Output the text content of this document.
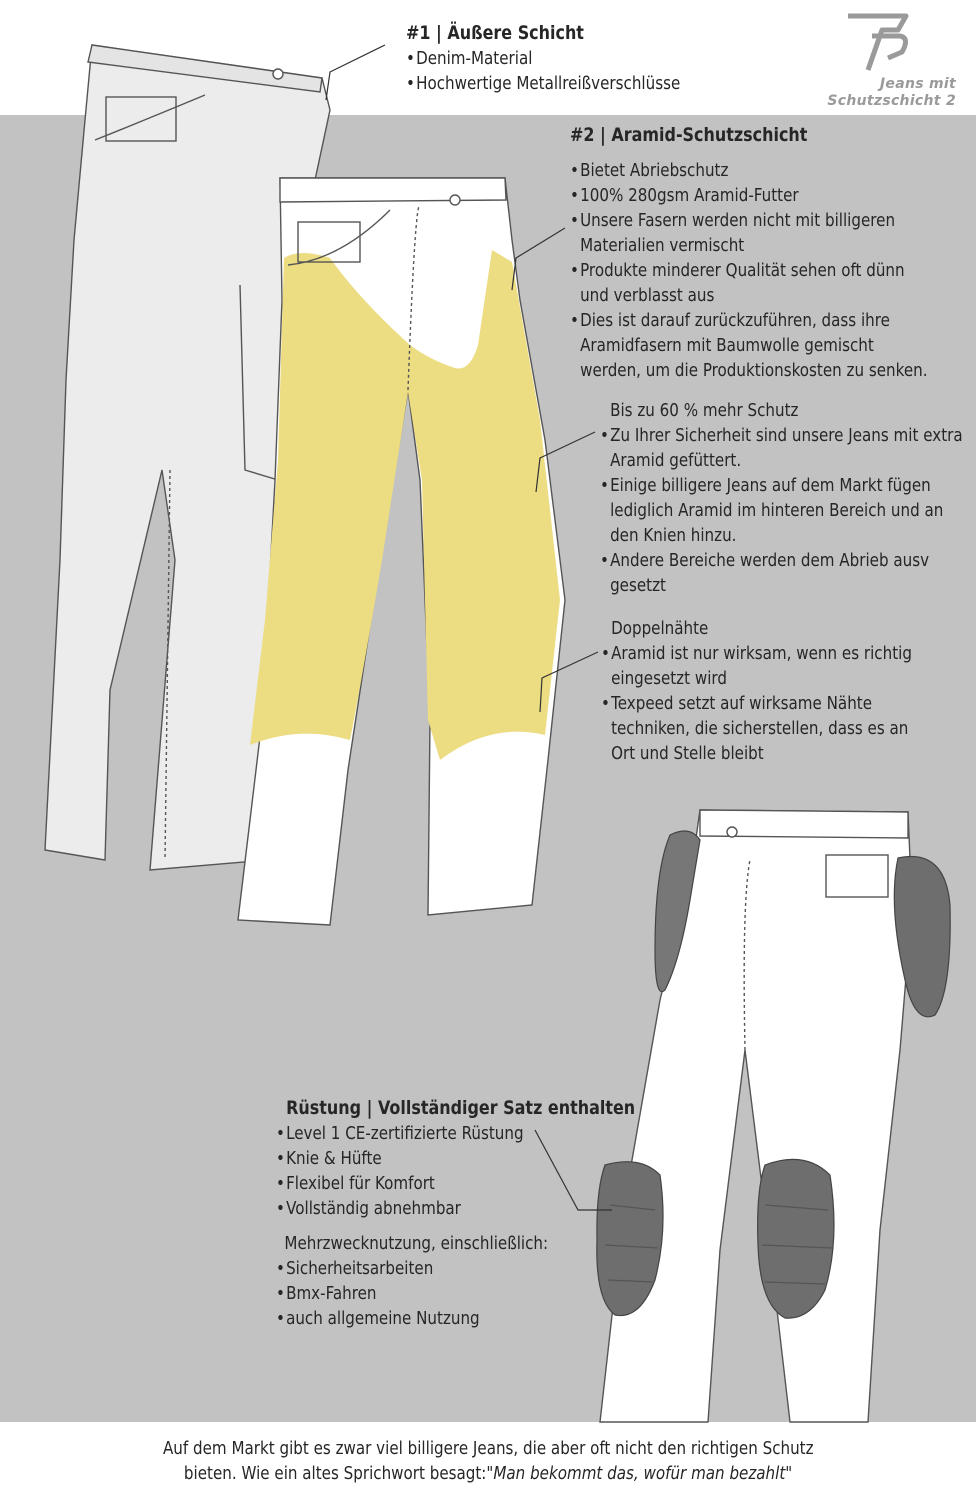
Jeans mit
Schutzschicht 2
#1 | Äußere Schicht
• Denim-Material
• Hochwertige Metallreißverschlüsse
#2 | Aramid-Schutzschicht
• Bietet Abriebschutz
• 100% 280gsm Aramid-Futter
• Unsere Fasern werden nicht mit billigeren
Materialien vermischt
• Produkte minderer Qualität sehen oft dünn
und verblasst aus
• Dies ist darauf zurückzuführen, dass ihre
Aramidfasern mit Baumwolle gemischt
werden, um die Produktionskosten zu senken.
Bis zu 60 % mehr Schutz
• Zu Ihrer Sicherheit sind unsere Jeans mit extra
Aramid gefüttert.
• Einige billigere Jeans auf dem Markt fügen
lediglich Aramid im hinteren Bereich und an
den Knien hinzu.
• Andere Bereiche werden dem Abrieb ausv
gesetzt
Doppelnähte
• Aramid ist nur wirksam, wenn es richtig
eingesetzt wird
• Texpeed setzt auf wirksame Nähte
techniken, die sicherstellen, dass es an
Ort und Stelle bleibt
Rüstung | Vollständiger Satz enthalten
• Level 1 CE-zertifizierte Rüstung
• Knie & Hüfte
• Flexibel für Komfort
• Vollständig abnehmbar
Mehrzwecknutzung, einschließlich:
• Sicherheitsarbeiten
• Bmx-Fahren
• auch allgemeine Nutzung
Auf dem Markt gibt es zwar viel billigere Jeans, die aber oft nicht den richtigen Schutz
bieten. Wie ein altes Sprichwort besagt:"Man bekommt das, wofür man bezahlt"
